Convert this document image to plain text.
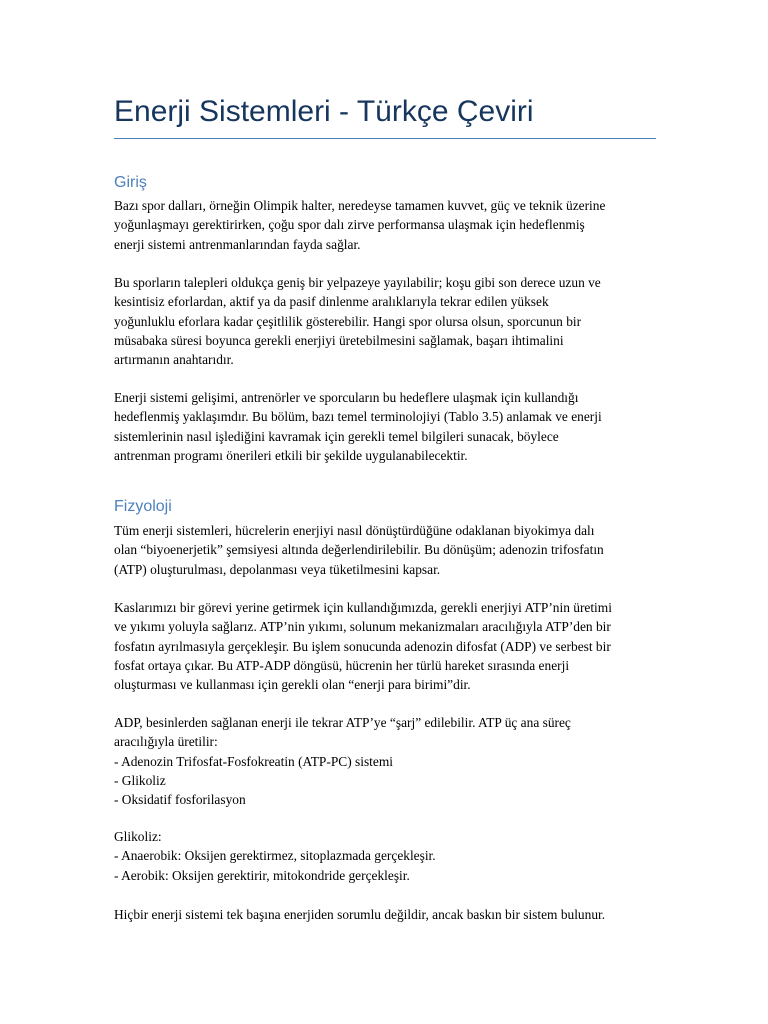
Enerji Sistemleri - Türkçe Çeviri
Giriş
Bazı spor dalları, örneğin Olimpik halter, neredeyse tamamen kuvvet, güç ve teknik üzerine
yoğunlaşmayı gerektirirken, çoğu spor dalı zirve performansa ulaşmak için hedeflenmiş
enerji sistemi antrenmanlarından fayda sağlar.
Bu sporların talepleri oldukça geniş bir yelpazeye yayılabilir; koşu gibi son derece uzun ve
kesintisiz eforlardan, aktif ya da pasif dinlenme aralıklarıyla tekrar edilen yüksek
yoğunluklu eforlara kadar çeşitlilik gösterebilir. Hangi spor olursa olsun, sporcunun bir
müsabaka süresi boyunca gerekli enerjiyi üretebilmesini sağlamak, başarı ihtimalini
artırmanın anahtarıdır.
Enerji sistemi gelişimi, antrenörler ve sporcuların bu hedeflere ulaşmak için kullandığı
hedeflenmiş yaklaşımdır. Bu bölüm, bazı temel terminolojiyi (Tablo 3.5) anlamak ve enerji
sistemlerinin nasıl işlediğini kavramak için gerekli temel bilgileri sunacak, böylece
antrenman programı önerileri etkili bir şekilde uygulanabilecektir.
Fizyoloji
Tüm enerji sistemleri, hücrelerin enerjiyi nasıl dönüştürdüğüne odaklanan biyokimya dalı
olan “biyoenerjetik” şemsiyesi altında değerlendirilebilir. Bu dönüşüm; adenozin trifosfatın
(ATP) oluşturulması, depolanması veya tüketilmesini kapsar.
Kaslarımızı bir görevi yerine getirmek için kullandığımızda, gerekli enerjiyi ATP’nin üretimi
ve yıkımı yoluyla sağlarız. ATP’nin yıkımı, solunum mekanizmaları aracılığıyla ATP’den bir
fosfatın ayrılmasıyla gerçekleşir. Bu işlem sonucunda adenozin difosfat (ADP) ve serbest bir
fosfat ortaya çıkar. Bu ATP-ADP döngüsü, hücrenin her türlü hareket sırasında enerji
oluşturması ve kullanması için gerekli olan “enerji para birimi”dir.
ADP, besinlerden sağlanan enerji ile tekrar ATP’ye “şarj” edilebilir. ATP üç ana süreç
aracılığıyla üretilir:
- Adenozin Trifosfat-Fosfokreatin (ATP-PC) sistemi
- Glikoliz
- Oksidatif fosforilasyon
Glikoliz:
- Anaerobik: Oksijen gerektirmez, sitoplazmada gerçekleşir.
- Aerobik: Oksijen gerektirir, mitokondride gerçekleşir.
Hiçbir enerji sistemi tek başına enerjiden sorumlu değildir, ancak baskın bir sistem bulunur.
